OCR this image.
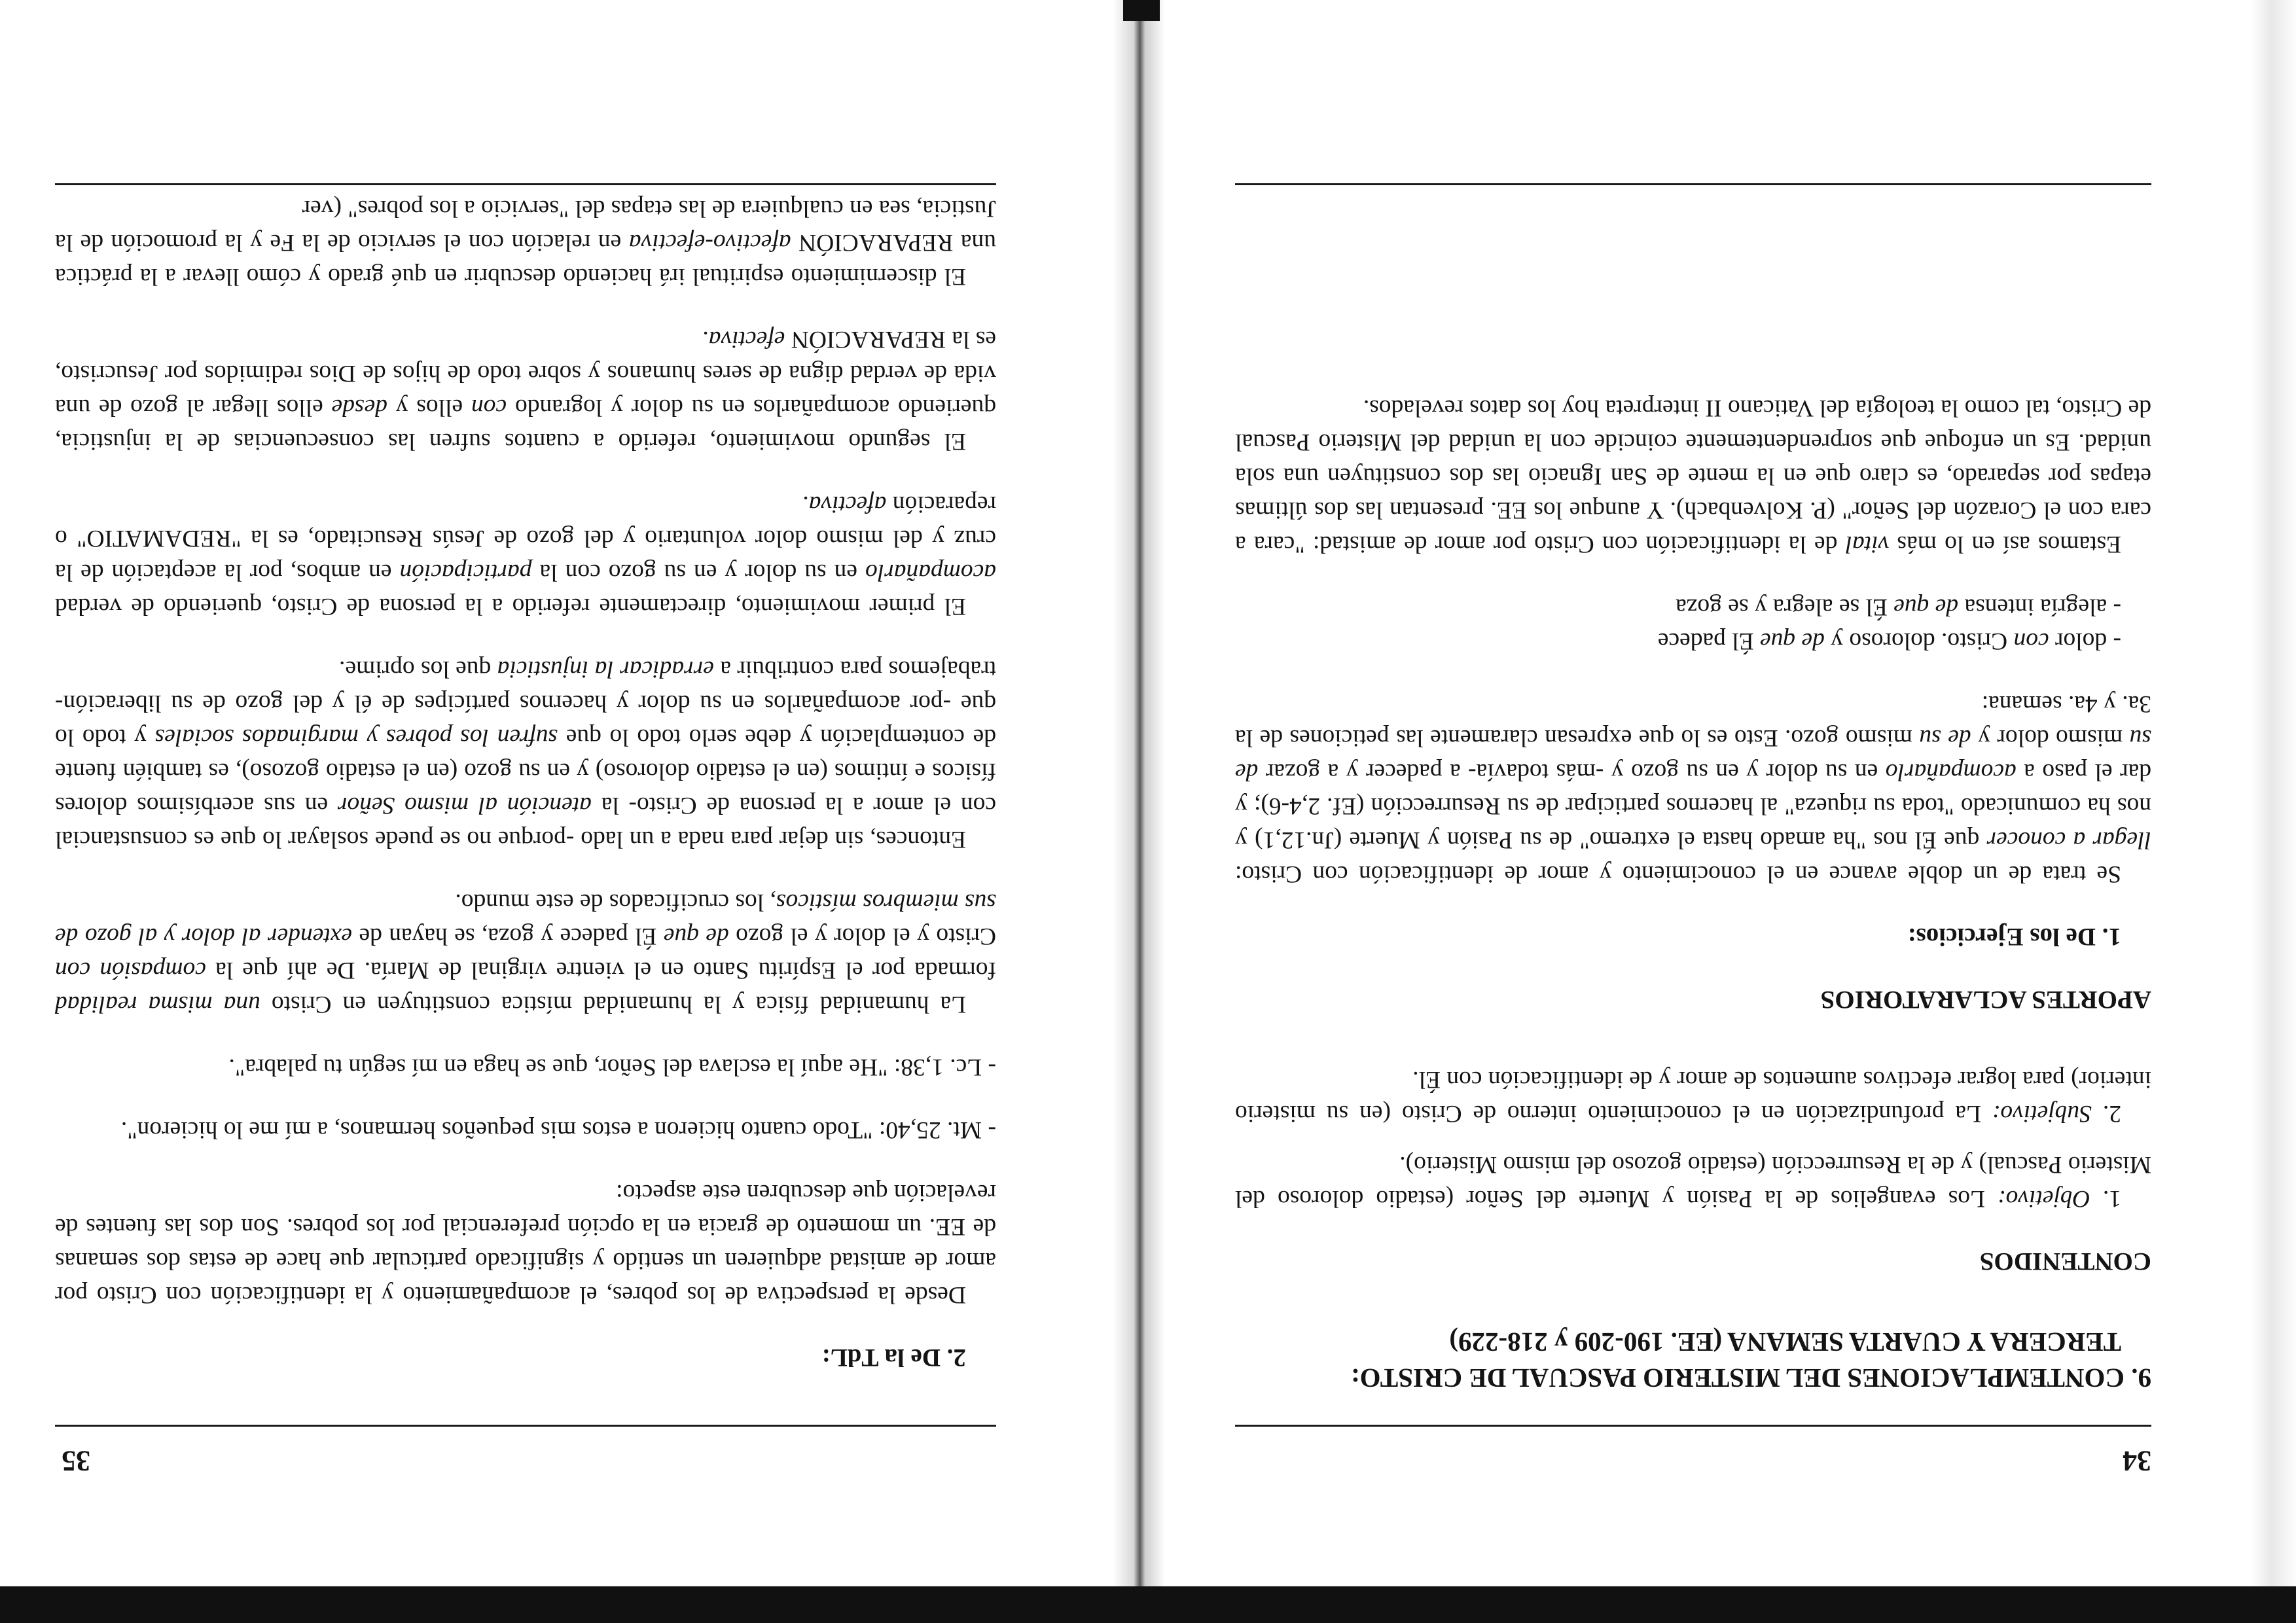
34

9. CONTEMPLACIONES DEL MISTERIO PASCUAL DE CRISTO:
TERCERA Y CUARTA SEMANA (EE. 190-209 y 218-229)

CONTENIDOS

1. Objetivo: Los evangelios de la Pasión y Muerte del Señor (estadio doloroso del Misterio Pascual) y de la Resurrección (estadio gozoso del mismo Misterio).

2. Subjetivo: La profundización en el conocimiento interno de Cristo (en su misterio interior) para lograr efectivos aumentos de amor y de identificación con Él.

APORTES ACLARATORIOS

1. De los Ejercicios:

Se trata de un doble avance en el conocimiento y amor de identificación con Cristo: llegar a conocer que Él nos "ha amado hasta el extremo" de su Pasión y Muerte (Jn.12,1) y nos ha comunicado "toda su riqueza" al hacernos participar de su Resurrección (Ef. 2,4-6); y dar el paso a acompañarlo en su dolor y en su gozo y -más todavía- a padecer y a gozar de su mismo dolor y de su mismo gozo. Esto es lo que expresan claramente las peticiones de la 3a. y 4a. semana:

- dolor con Cristo. doloroso y de que Él padece

- alegría intensa de que Él se alegra y se goza

Estamos así en lo más vital de la identificación con Cristo por amor de amistad: "cara a cara con el Corazón del Señor" (P. Kolvenbach). Y aunque los EE. presentan las dos últimas etapas por separado, es claro que en la mente de San Ignacio las dos constituyen una sola unidad. Es un enfoque que sorprendentemente coincide con la unidad del Misterio Pascual de Cristo, tal como la teología del Vaticano II interpreta hoy los datos revelados.

35

2. De la TdL:

Desde la perspectiva de los pobres, el acompañamiento y la identificación con Cristo por amor de amistad adquieren un sentido y significado particular que hace de estas dos semanas de EE. un momento de gracia en la opción preferencial por los pobres. Son dos las fuentes de revelación que descubren este aspecto:

- Mt. 25,40: "Todo cuanto hicieron a estos mis pequeños hermanos, a mí me lo hicieron".

- Lc. 1,38: "He aquí la esclava del Señor, que se haga en mí según tu palabra".

La humanidad física y la humanidad mística constituyen en Cristo una misma realidad formada por el Espíritu Santo en el vientre virginal de María. De ahí que la compasión con Cristo y el dolor y el gozo de que Él padece y goza, se hayan de extender al dolor y al gozo de sus miembros místicos, los crucificados de este mundo.

Entonces, sin dejar para nada a un lado -porque no se puede soslayar lo que es consustancial con el amor a la persona de Cristo- la atención al mismo Señor en sus acerbísimos dolores físicos e íntimos (en el estadio doloroso) y en su gozo (en el estadio gozoso), es también fuente de contemplación y debe serlo todo lo que sufren los pobres y marginados sociales y todo lo que -por acompañarlos en su dolor y hacernos partícipes de él y del gozo de su liberación- trabajemos para contribuir a erradicar la injusticia que los oprime.

El primer movimiento, directamente referido a la persona de Cristo, queriendo de verdad acompañarlo en su dolor y en su gozo con la participación en ambos, por la aceptación de la cruz y del mismo dolor voluntario y del gozo de Jesús Resucitado, es la "REDAMATIO" o reparación afectiva.

El segundo movimiento, referido a cuantos sufren las consecuencias de la injusticia, queriendo acompañarlos en su dolor y logrando con ellos y desde ellos llegar al gozo de una vida de verdad digna de seres humanos y sobre todo de hijos de Dios redimidos por Jesucristo, es la REPARACIÓN efectiva.

El discernimiento espiritual irá haciendo descubrir en qué grado y cómo llevar a la práctica una REPARACIÓN afectivo-efectiva en relación con el servicio de la Fe y la promoción de la Justicia, sea en cualquiera de las etapas del "servicio a los pobres" (ver
